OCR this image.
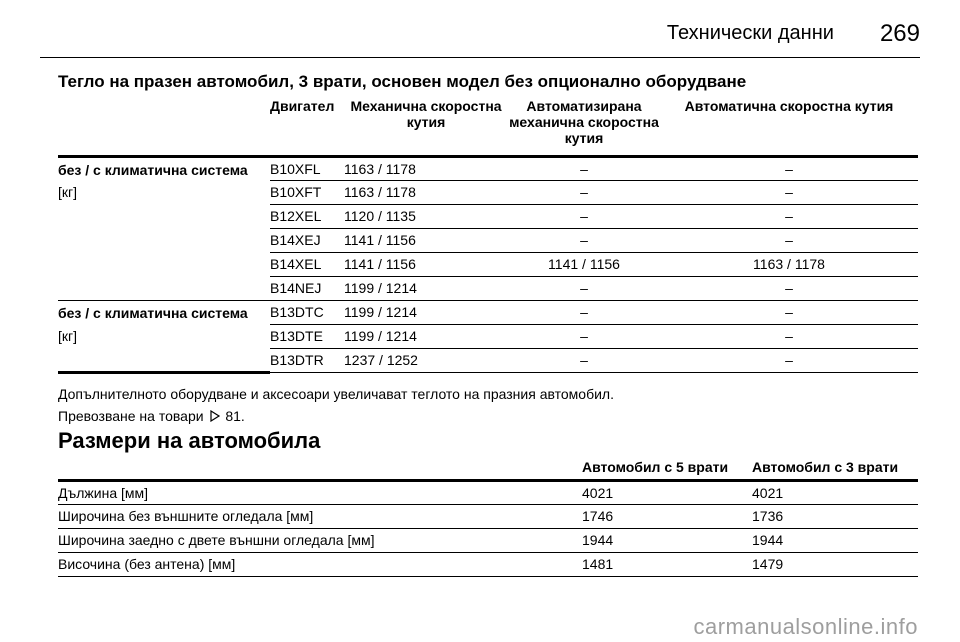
Технически данни 269
Тегло на празен автомобил, 3 врати, основен модел без опционално оборудване
	Двигател	Механична скоростна кутия	Автоматизирана механична скоростна кутия	Автоматична скоростна кутия
без / с климатична система	B10XFL	1163 / 1178	–	–
[кг]	B10XFT	1163 / 1178	–	–
	B12XEL	1120 / 1135	–	–
	B14XEJ	1141 / 1156	–	–
	B14XEL	1141 / 1156	1141 / 1156	1163 / 1178
	B14NEJ	1199 / 1214	–	–
без / с климатична система	B13DTC	1199 / 1214	–	–
[кг]	B13DTE	1199 / 1214	–	–
	B13DTR	1237 / 1252	–	–
Допълнителното оборудване и аксесоари увеличават теглото на празния автомобил.
Превозване на товари 81.
Размери на автомобила
	Автомобил с 5 врати	Автомобил с 3 врати
Дължина [мм]	4021	4021
Широчина без външните огледала [мм]	1746	1736
Широчина заедно с двете външни огледала [мм]	1944	1944
Височина (без антена) [мм]	1481	1479
carmanualsonline.info
